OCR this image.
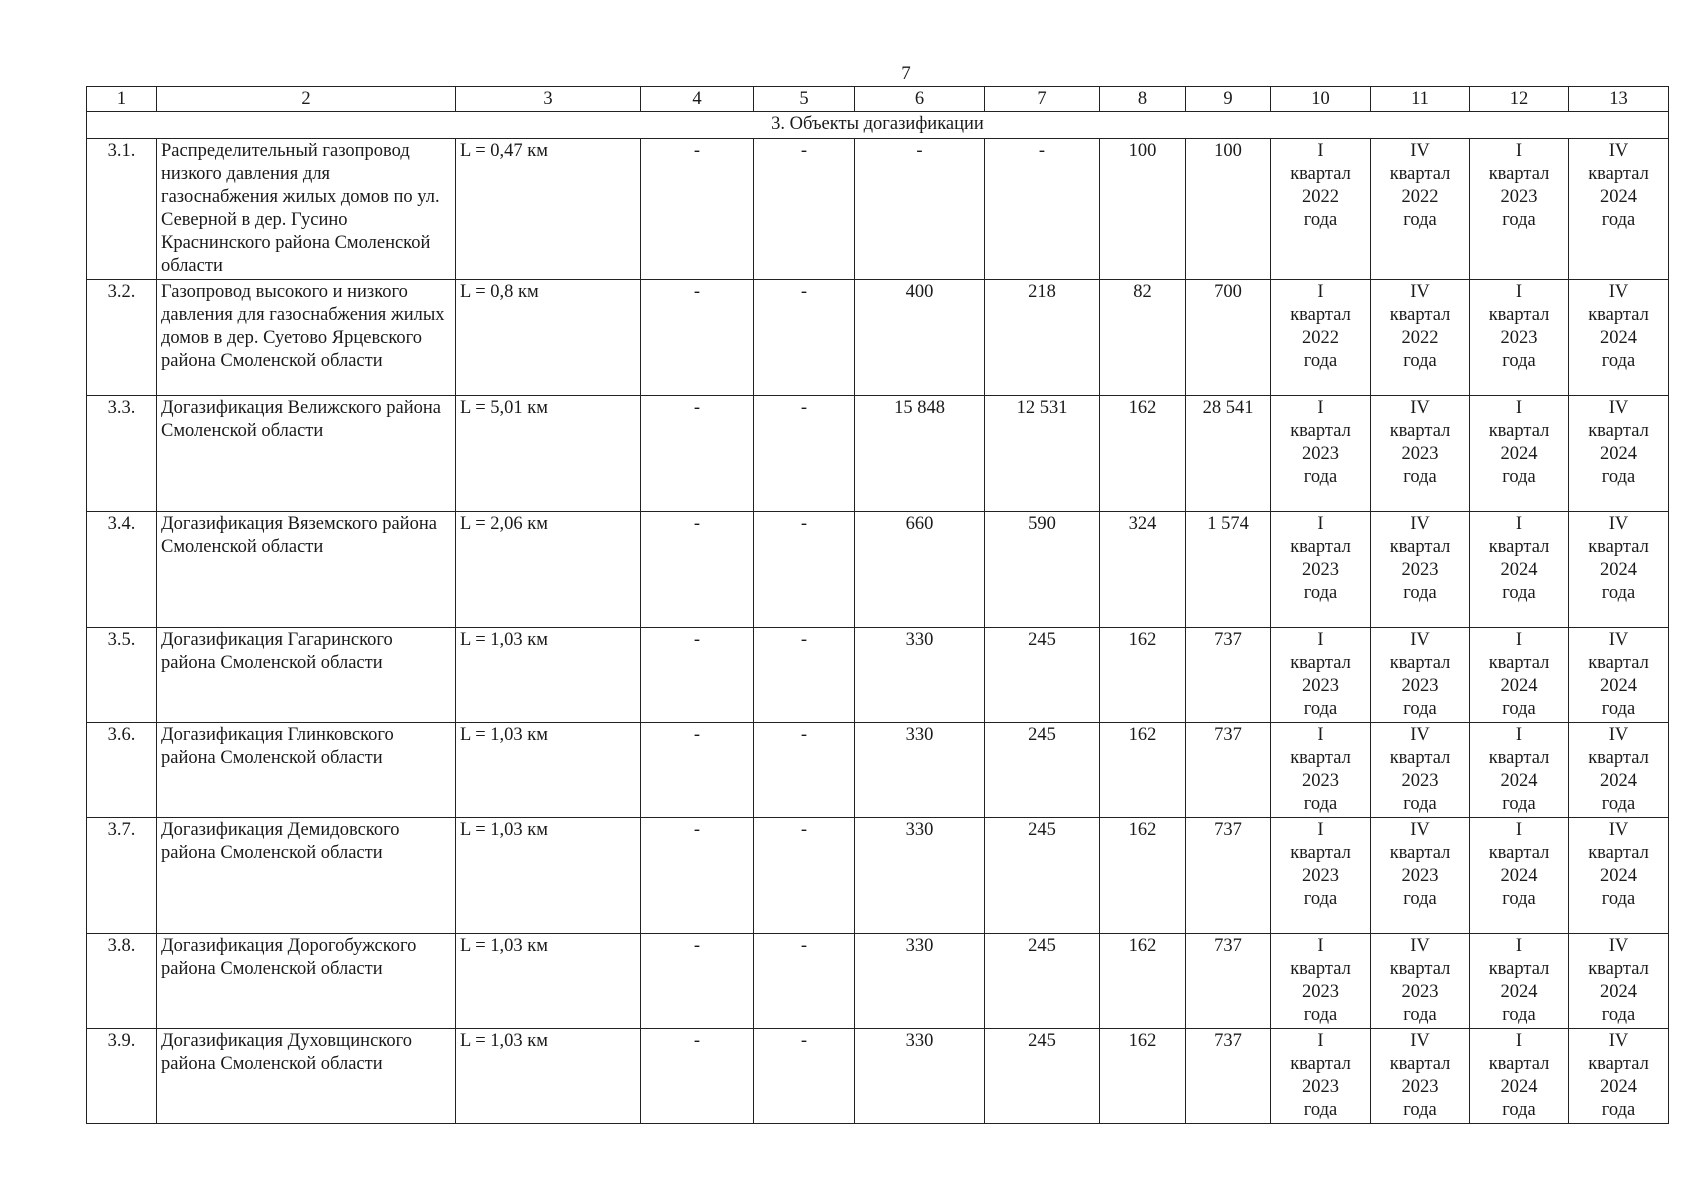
7
1	2	3	4	5	6	7	8	9	10	11	12	13
3. Объекты догазификации												
3.1.	Распределительный газопровод низкого давления для газоснабжения жилых домов по ул. Северной в дер. Гусино Краснинского района Смоленской области	L = 0,47 км	-	-	-	-	100	100	I
квартал
2022
года	IV
квартал
2022
года	I
квартал
2023
года	IV
квартал
2024
года

3.2.	Газопровод высокого и низкого давления для газоснабжения жилых домов в дер. Суетово Ярцевского района Смоленской области	L = 0,8 км	-	-	400	218	82	700	I
квартал
2022
года	IV
квартал
2022
года	I
квартал
2023
года	IV
квартал
2024
года

3.3.	Догазификация Велижского района Смоленской области	L = 5,01 км	-	-	15 848	12 531	162	28 541	I
квартал
2023
года	IV
квартал
2023
года	I
квартал
2024
года	IV
квартал
2024
года

3.4.	Догазификация Вяземского района Смоленской области	L = 2,06 км	-	-	660	590	324	1 574	I
квартал
2023
года	IV
квартал
2023
года	I
квартал
2024
года	IV
квартал
2024
года

3.5.	Догазификация Гагаринского района Смоленской области	L = 1,03 км	-	-	330	245	162	737	I
квартал
2023
года	IV
квартал
2023
года	I
квартал
2024
года	IV
квартал
2024
года

3.6.	Догазификация Глинковского района Смоленской области	L = 1,03 км	-	-	330	245	162	737	I
квартал
2023
года	IV
квартал
2023
года	I
квартал
2024
года	IV
квартал
2024
года

3.7.	Догазификация Демидовского района Смоленской области	L = 1,03 км	-	-	330	245	162	737	I
квартал
2023
года	IV
квартал
2023
года	I
квартал
2024
года	IV
квартал
2024
года

3.8.	Догазификация Дорогобужского района Смоленской области	L = 1,03 км	-	-	330	245	162	737	I
квартал
2023
года	IV
квартал
2023
года	I
квартал
2024
года	IV
квартал
2024
года

3.9.	Догазификация Духовщинского района Смоленской области	L = 1,03 км	-	-	330	245	162	737	I
квартал
2023
года	IV
квартал
2023
года	I
квартал
2024
года	IV
квартал
2024
года
